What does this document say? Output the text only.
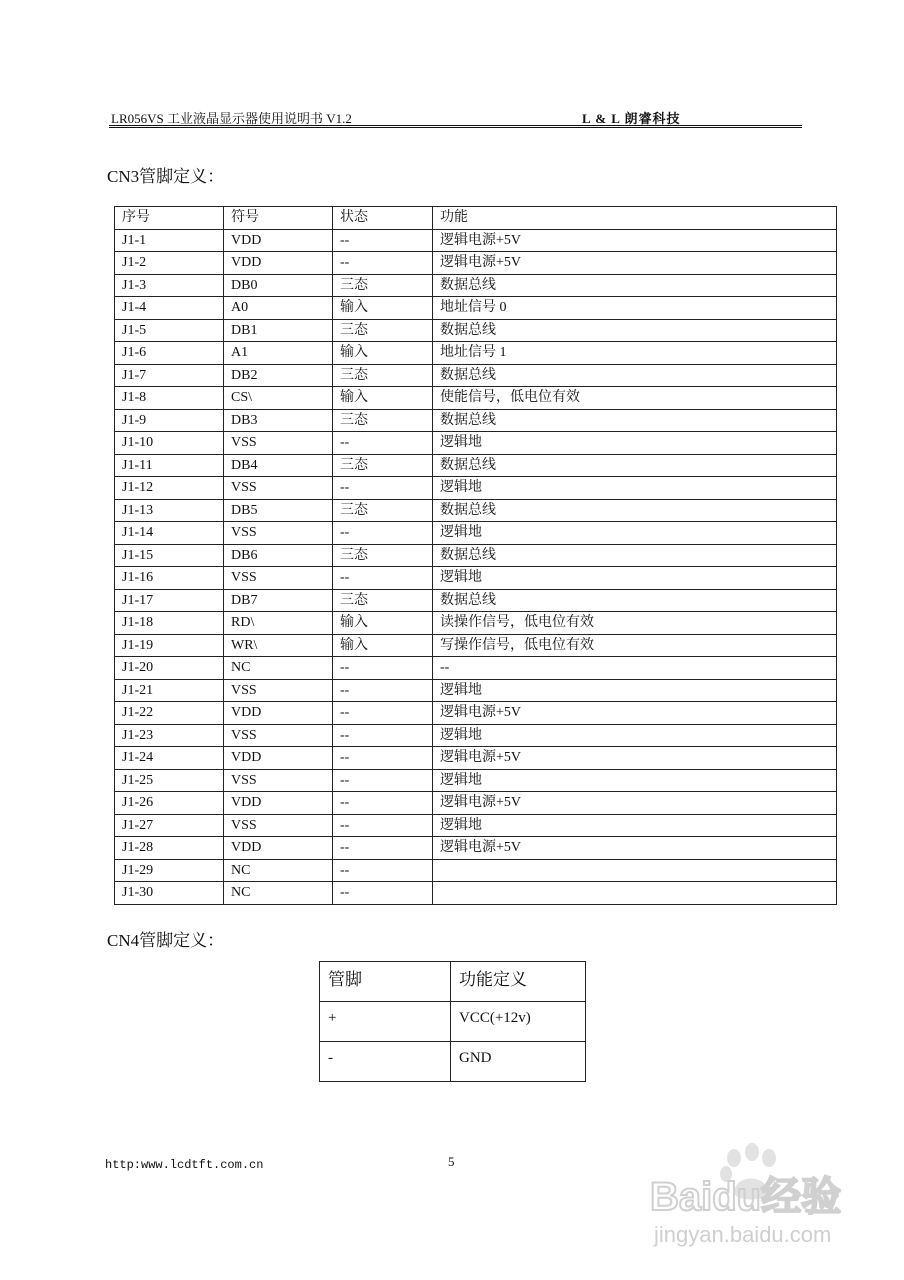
LR056VS 工业液晶显示器使用说明书 V1.2	L & L 朗睿科技
CN3管脚定义：
序号	符号	状态	功能
J1-1	VDD	--	逻辑电源+5V
J1-2	VDD	--	逻辑电源+5V
J1-3	DB0	三态	数据总线
J1-4	A0	输入	地址信号 0
J1-5	DB1	三态	数据总线
J1-6	A1	输入	地址信号 1
J1-7	DB2	三态	数据总线
J1-8	CS\	输入	使能信号，低电位有效
J1-9	DB3	三态	数据总线
J1-10	VSS	--	逻辑地
J1-11	DB4	三态	数据总线
J1-12	VSS	--	逻辑地
J1-13	DB5	三态	数据总线
J1-14	VSS	--	逻辑地
J1-15	DB6	三态	数据总线
J1-16	VSS	--	逻辑地
J1-17	DB7	三态	数据总线
J1-18	RD\	输入	读操作信号，低电位有效
J1-19	WR\	输入	写操作信号，低电位有效
J1-20	NC	--	--
J1-21	VSS	--	逻辑地
J1-22	VDD	--	逻辑电源+5V
J1-23	VSS	--	逻辑地
J1-24	VDD	--	逻辑电源+5V
J1-25	VSS	--	逻辑地
J1-26	VDD	--	逻辑电源+5V
J1-27	VSS	--	逻辑地
J1-28	VDD	--	逻辑电源+5V
J1-29	NC	--	
J1-30	NC	--	
CN4管脚定义：
管脚	功能定义
+	VCC(+12v)
-	GND
http:www.lcdtft.com.cn	5
Baidu经验
jingyan.baidu.com
